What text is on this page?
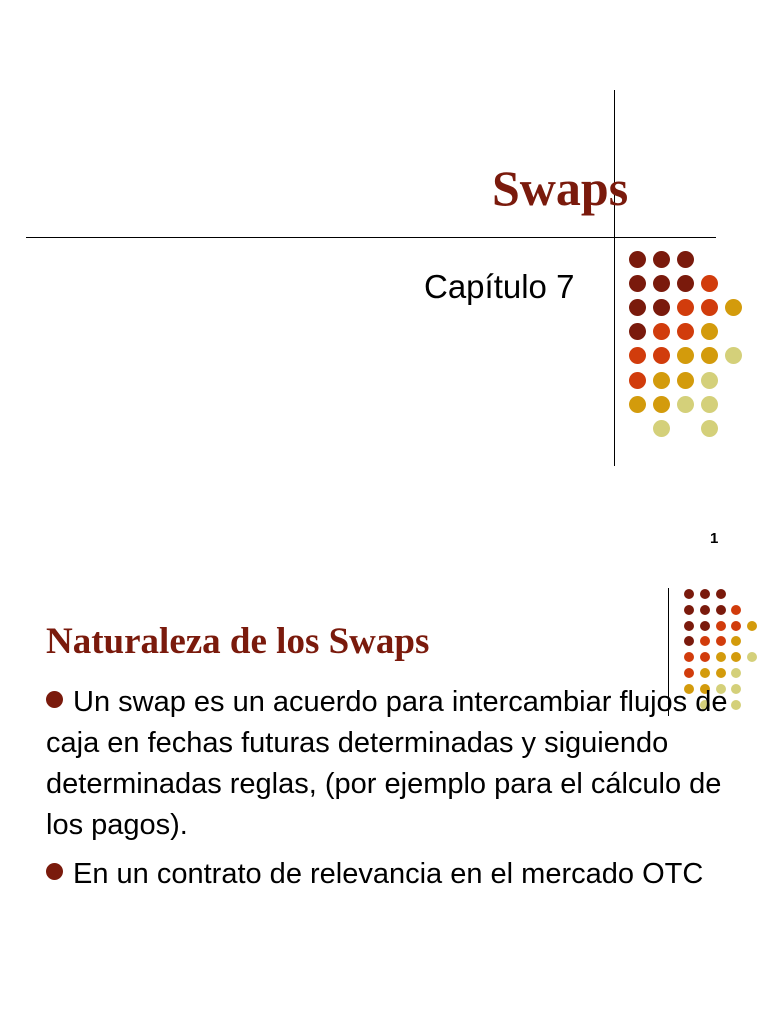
Swaps
Capítulo 7
1
Naturaleza de los Swaps
Un swap es un acuerdo para intercambiar flujos de caja en fechas futuras determinadas y siguiendo determinadas reglas, (por ejemplo para el cálculo de los pagos).
En un contrato de relevancia en el mercado OTC
